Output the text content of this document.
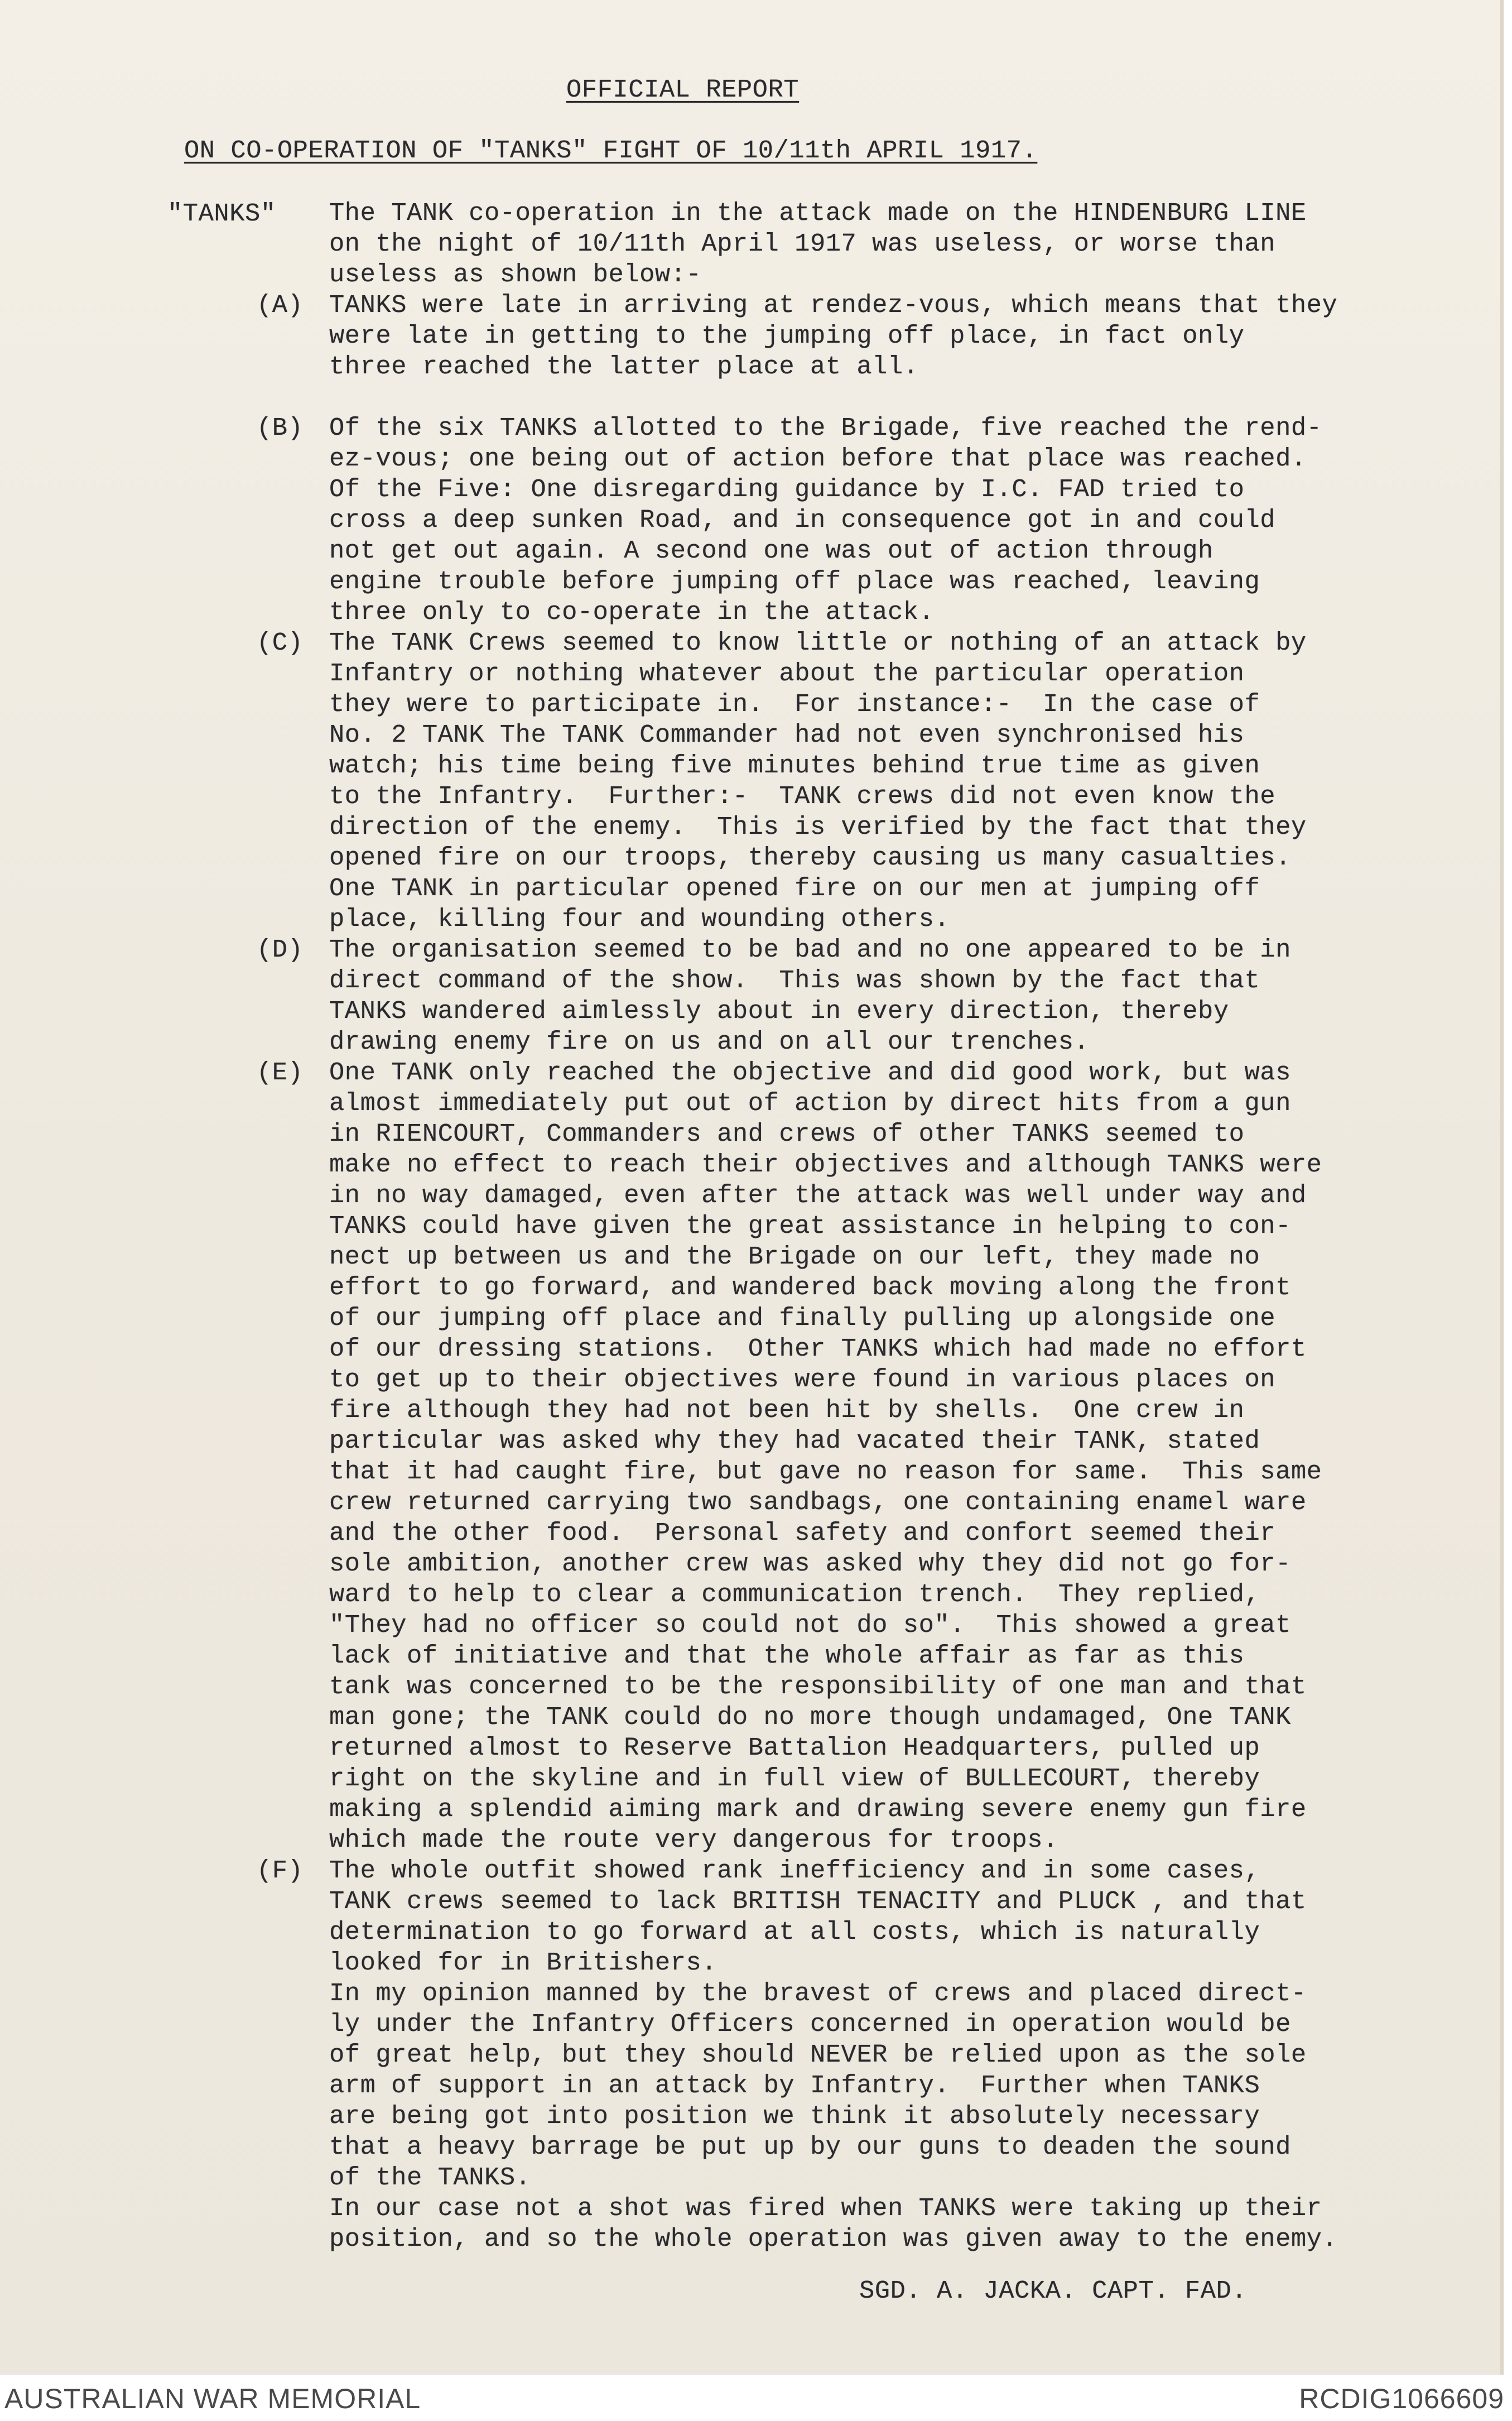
OFFICIAL REPORT
ON CO-OPERATION OF "TANKS" FIGHT OF 10/11th APRIL 1917.
"TANKS" The TANK co-operation in the attack made on the HINDENBURG LINE
on the night of 10/11th April 1917 was useless, or worse than
useless as shown below:-
(A)	TANKS were late in arriving at rendez-vous, which means that they
were late in getting to the jumping off place, in fact only
three reached the latter place at all.
(B)	Of the six TANKS allotted to the Brigade, five reached the rend-
ez-vous; one being out of action before that place was reached.
Of the Five: One disregarding guidance by I.C. FAD tried to
cross a deep sunken Road, and in consequence got in and could
not get out again. A second one was out of action through
engine trouble before jumping off place was reached, leaving
three only to co-operate in the attack.
(C)	The TANK Crews seemed to know little or nothing of an attack by
Infantry or nothing whatever about the particular operation
they were to participate in.  For instance:-  In the case of
No. 2 TANK The TANK Commander had not even synchronised his
watch; his time being five minutes behind true time as given
to the Infantry.  Further:-  TANK crews did not even know the
direction of the enemy.  This is verified by the fact that they
opened fire on our troops, thereby causing us many casualties.
One TANK in particular opened fire on our men at jumping off
place, killing four and wounding others.
(D)	The organisation seemed to be bad and no one appeared to be in
direct command of the show.  This was shown by the fact that
TANKS wandered aimlessly about in every direction, thereby
drawing enemy fire on us and on all our trenches.
(E)	One TANK only reached the objective and did good work, but was
almost immediately put out of action by direct hits from a gun
in RIENCOURT, Commanders and crews of other TANKS seemed to
make no effect to reach their objectives and although TANKS were
in no way damaged, even after the attack was well under way and
TANKS could have given the great assistance in helping to con-
nect up between us and the Brigade on our left, they made no
effort to go forward, and wandered back moving along the front
of our jumping off place and finally pulling up alongside one
of our dressing stations.  Other TANKS which had made no effort
to get up to their objectives were found in various places on
fire although they had not been hit by shells.  One crew in
particular was asked why they had vacated their TANK, stated
that it had caught fire, but gave no reason for same.  This same
crew returned carrying two sandbags, one containing enamel ware
and the other food.  Personal safety and confort seemed their
sole ambition, another crew was asked why they did not go for-
ward to help to clear a communication trench.  They replied,
"They had no officer so could not do so".  This showed a great
lack of initiative and that the whole affair as far as this
tank was concerned to be the responsibility of one man and that
man gone; the TANK could do no more though undamaged, One TANK
returned almost to Reserve Battalion Headquarters, pulled up
right on the skyline and in full view of BULLECOURT, thereby
making a splendid aiming mark and drawing severe enemy gun fire
which made the route very dangerous for troops.
(F)	The whole outfit showed rank inefficiency and in some cases,
TANK crews seemed to lack BRITISH TENACITY and PLUCK , and that
determination to go forward at all costs, which is naturally
looked for in Britishers.
In my opinion manned by the bravest of crews and placed direct-
ly under the Infantry Officers concerned in operation would be
of great help, but they should NEVER be relied upon as the sole
arm of support in an attack by Infantry.  Further when TANKS
are being got into position we think it absolutely necessary
that a heavy barrage be put up by our guns to deaden the sound
of the TANKS.
In our case not a shot was fired when TANKS were taking up their
position, and so the whole operation was given away to the enemy.
SGD. A. JACKA. CAPT. FAD.
AUSTRALIAN WAR MEMORIAL	RCDIG1066609
